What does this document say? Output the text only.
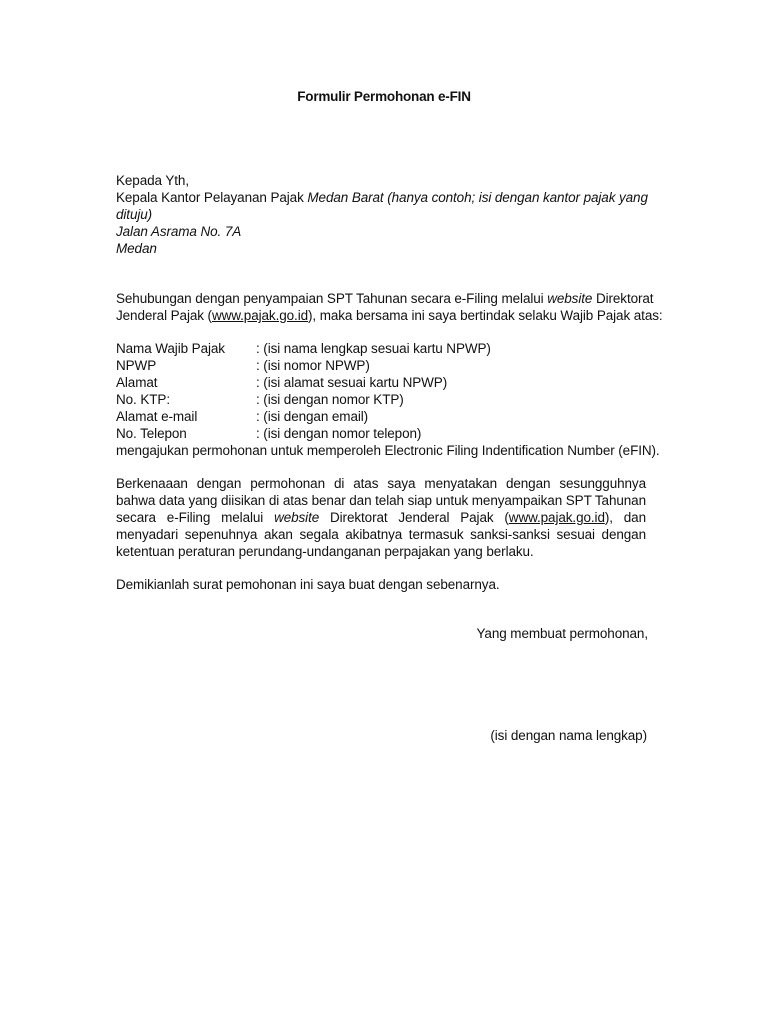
Formulir Permohonan e-FIN
Kepada Yth,
Kepala Kantor Pelayanan Pajak Medan Barat (hanya contoh; isi dengan kantor pajak yang
dituju)
Jalan Asrama No. 7A
Medan
Sehubungan dengan penyampaian SPT Tahunan secara e-Filing melalui website Direktorat
Jenderal Pajak (www.pajak.go.id), maka bersama ini saya bertindak selaku Wajib Pajak atas:
Nama Wajib Pajak	: (isi nama lengkap sesuai kartu NPWP)
NPWP	: (isi nomor NPWP)
Alamat	: (isi alamat sesuai kartu NPWP)
No. KTP:	: (isi dengan nomor KTP)
Alamat e-mail	: (isi dengan email)
No. Telepon	: (isi dengan nomor telepon)
mengajukan permohonan untuk memperoleh Electronic Filing Indentification Number (eFIN).
Berkenaaan dengan permohonan di atas saya menyatakan dengan sesungguhnya bahwa data yang diisikan di atas benar dan telah siap untuk menyampaikan SPT Tahunan secara e-Filing melalui website Direktorat Jenderal Pajak (www.pajak.go.id), dan menyadari sepenuhnya akan segala akibatnya termasuk sanksi-sanksi sesuai dengan ketentuan peraturan perundang-undanganan perpajakan yang berlaku.
Demikianlah surat pemohonan ini saya buat dengan sebenarnya.
Yang membuat permohonan,
(isi dengan nama lengkap)
